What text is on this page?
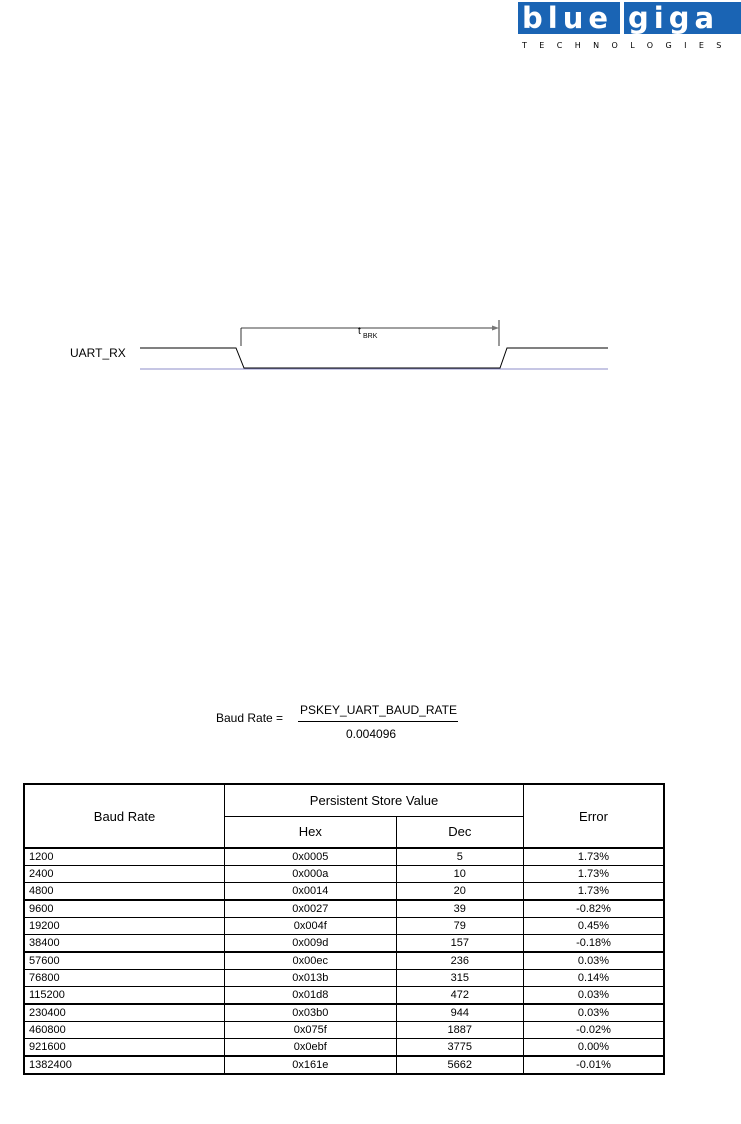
blue giga
TECHNOLOGIES
UART_RX
t BRK
Baud Rate =
PSKEY_UART_BAUD_RATE
0.004096
Baud Rate	Persistent Store Value		Error
	Hex	Dec	
1200	0x0005	5	1.73%
2400	0x000a	10	1.73%
4800	0x0014	20	1.73%
9600	0x0027	39	-0.82%
19200	0x004f	79	0.45%
38400	0x009d	157	-0.18%
57600	0x00ec	236	0.03%
76800	0x013b	315	0.14%
115200	0x01d8	472	0.03%
230400	0x03b0	944	0.03%
460800	0x075f	1887	-0.02%
921600	0x0ebf	3775	0.00%
1382400	0x161e	5662	-0.01%
